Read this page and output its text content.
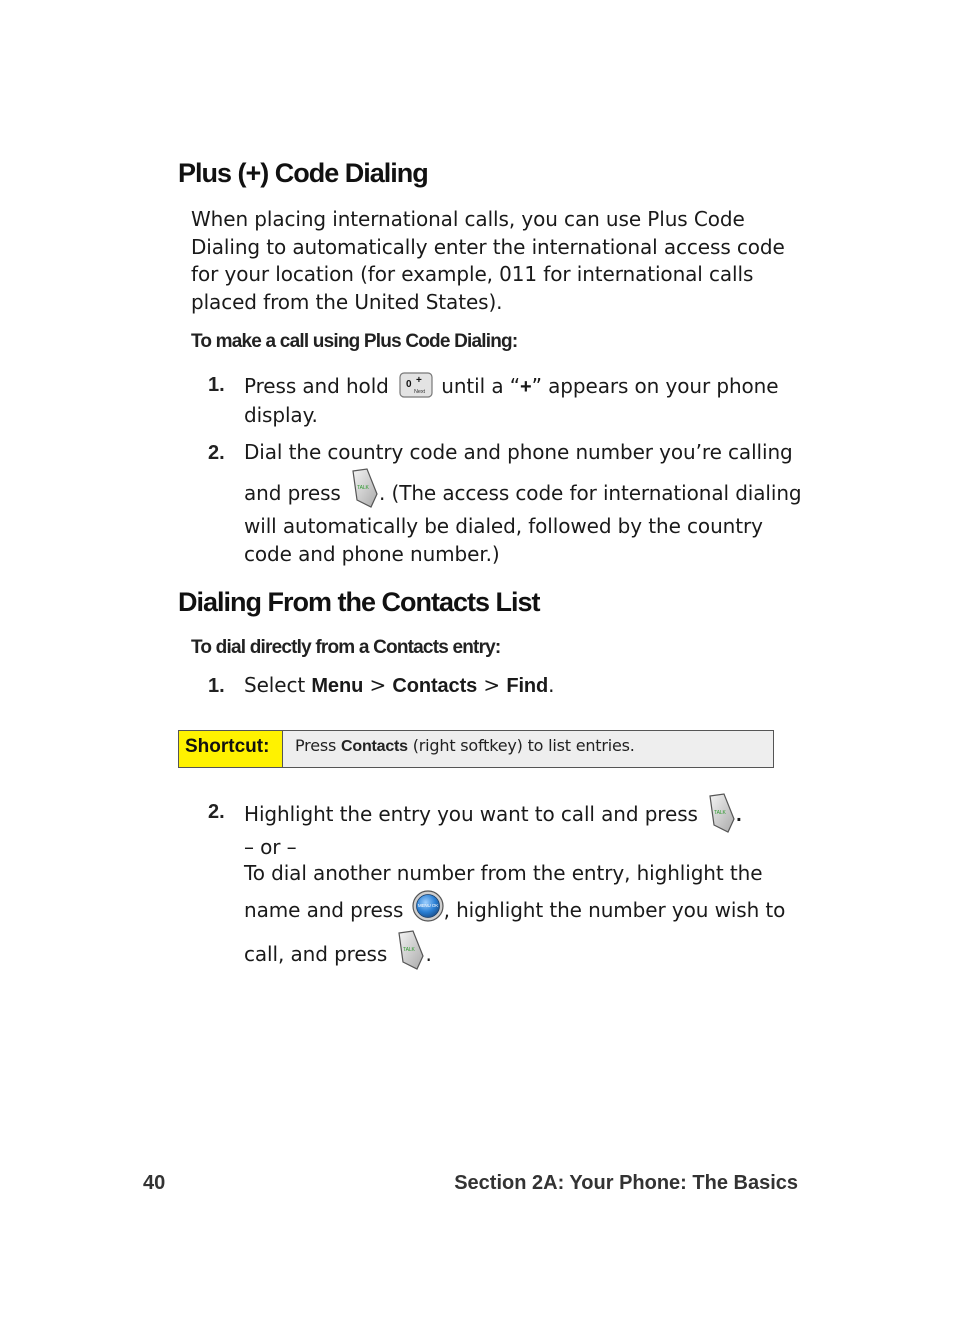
Plus (+) Code Dialing
When placing international calls, you can use Plus Code
Dialing to automatically enter the international access code
for your location (for example, 011 for international calls
placed from the United States).
To make a call using Plus Code Dialing:
1. Press and hold 0 +
Next until a “+” appears on your phone
display.
2. Dial the country code and phone number you’re calling
and press	TALK . (The access code for international dialing
will automatically be dialed, followed by the country
code and phone number.)
Dialing From the Contacts List
To dial directly from a Contacts entry:
1. Select Menu > Contacts > Find.
Shortcut:	Press Contacts (right softkey) to list entries.
2. Highlight the entry you want to call and press	TALK .
– or –
To dial another number from the entry, highlight the
name and press	MENU OK , highlight the number you wish to
call, and press	TALK .
40	Section 2A: Your Phone: The Basics
